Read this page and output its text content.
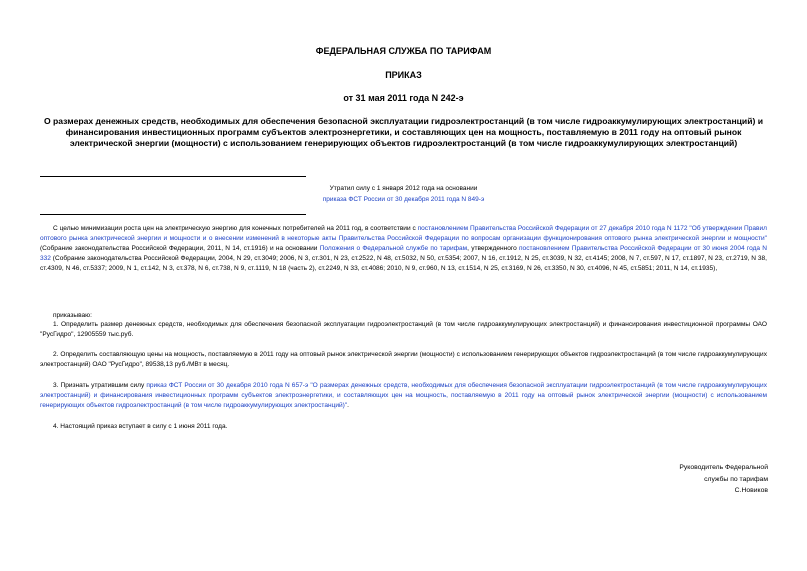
ФЕДЕРАЛЬНАЯ СЛУЖБА ПО ТАРИФАМ
ПРИКАЗ
от 31 мая 2011 года N 242-э
О размерах денежных средств, необходимых для обеспечения безопасной эксплуатации гидроэлектростанций (в том числе гидроаккумулирующих электростанций) и финансирования инвестиционных программ субъектов электроэнергетики, и составляющих цен на мощность, поставляемую в 2011 году на оптовый рынок электрической энергии (мощности) с использованием генерирующих объектов гидроэлектростанций (в том числе гидроаккумулирующих электростанций)
Утратил силу с 1 января 2012 года на основании
приказа ФСТ России от 30 декабря 2011 года N 849-э
С целью минимизации роста цен на электрическую энергию для конечных потребителей на 2011 год, в соответствии с постановлением Правительства Российской Федерации от 27 декабря 2010 года N 1172 "Об утверждении Правил оптового рынка электрической энергии и мощности и о внесении изменений в некоторые акты Правительства Российской Федерации по вопросам организации функционирования оптового рынка электрической энергии и мощности" (Собрание законодательства Российской Федерации, 2011, N 14, ст.1916) и на основании Положения о Федеральной службе по тарифам, утвержденного постановлением Правительства Российской Федерации от 30 июня 2004 года N 332 (Собрание законодательства Российской Федерации, 2004, N 29, ст.3049; 2006, N 3, ст.301, N 23, ст.2522, N 48, ст.5032, N 50, ст.5354; 2007, N 16, ст.1912, N 25, ст.3039, N 32, ст.4145; 2008, N 7, ст.597, N 17, ст.1897, N 23, ст.2719, N 38, ст.4309, N 46, ст.5337; 2009, N 1, ст.142, N 3, ст.378, N 6, ст.738, N 9, ст.1119, N 18 (часть 2), ст.2249, N 33, ст.4086; 2010, N 9, ст.960, N 13, ст.1514, N 25, ст.3169, N 26, ст.3350, N 30, ст.4096, N 45, ст.5851; 2011, N 14, ст.1935),
приказываю:
1. Определить размер денежных средств, необходимых для обеспечения безопасной эксплуатации гидроэлектростанций (в том числе гидроаккумулирующих электростанций) и финансирования инвестиционной программы ОАО "РусГидро", 12905559 тыс.руб.
2. Определить составляющую цены на мощность, поставляемую в 2011 году на оптовый рынок электрической энергии (мощности) с использованием генерирующих объектов гидроэлектростанций (в том числе гидроаккумулирующих электростанций) ОАО "РусГидро", 89538,13 руб./МВт в месяц.
3. Признать утратившим силу приказ ФСТ России от 30 декабря 2010 года N 657-э "О размерах денежных средств, необходимых для обеспечения безопасной эксплуатации гидроэлектростанций (в том числе гидроаккумулирующих электростанций) и финансирования инвестиционных программ субъектов электроэнергетики, и составляющих цен на мощность, поставляемую в 2011 году на оптовый рынок электрической энергии (мощности) с использованием генерирующих объектов гидроэлектростанций (в том числе гидроаккумулирующих электростанций)".
4. Настоящий приказ вступает в силу с 1 июня 2011 года.
Руководитель Федеральной
службы по тарифам
С.Новиков
